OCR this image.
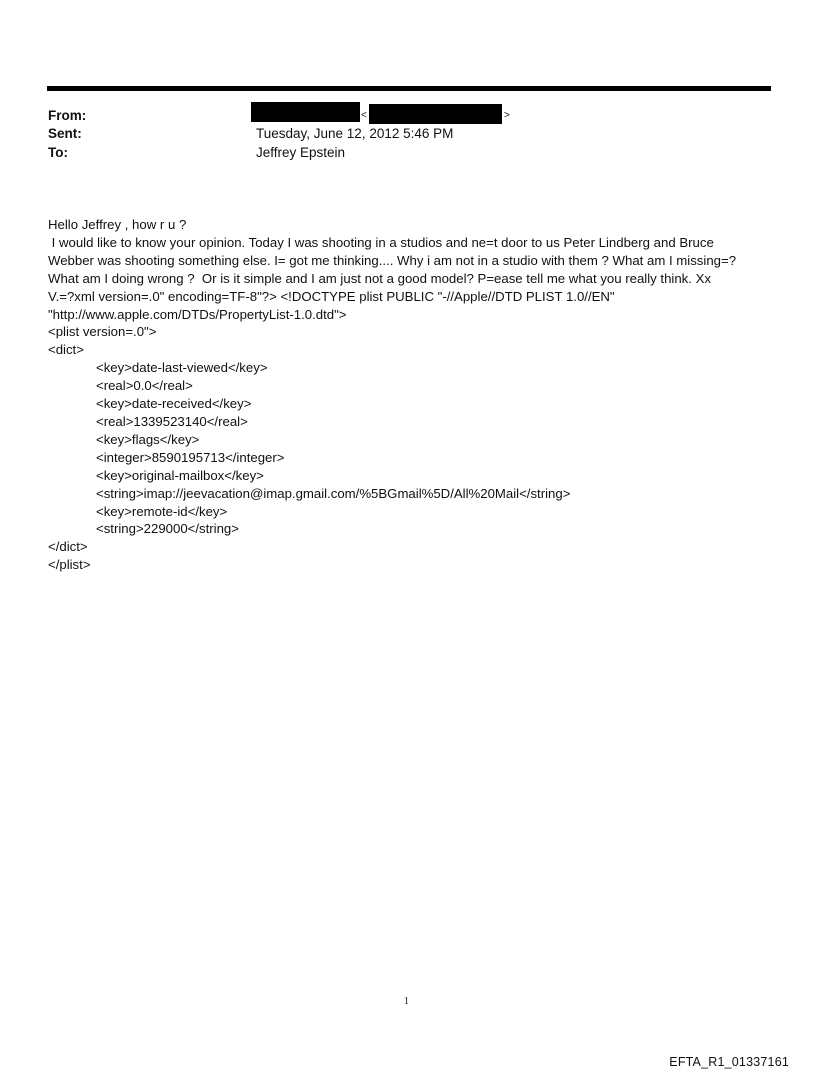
From:
Sent:
To:
<	>
Tuesday, June 12, 2012 5:46 PM
Jeffrey Epstein
Hello Jeffrey , how r u ?
I would like to know your opinion. Today I was shooting in a studios and ne=t door to us Peter Lindberg and Bruce
Webber was shooting something else. I= got me thinking.... Why i am not in a studio with them ? What am I missing=?
What am I doing wrong ?  Or is it simple and I am just not a good model? P=ease tell me what you really think. Xx
V.=?xml version=.0" encoding=TF-8"?> <!DOCTYPE plist PUBLIC "-//Apple//DTD PLIST 1.0//EN"
"http://www.apple.com/DTDs/PropertyList-1.0.dtd">
<plist version=.0">
<dict>
<key>date-last-viewed</key>
<real>0.0</real>
<key>date-received</key>
<real>1339523140</real>
<key>flags</key>
<integer>8590195713</integer>
<key>original-mailbox</key>
<string>imap://jeevacation@imap.gmail.com/%5BGmail%5D/All%20Mail</string>
<key>remote-id</key>
<string>229000</string>
</dict>
</plist>
1
EFTA_R1_01337161
